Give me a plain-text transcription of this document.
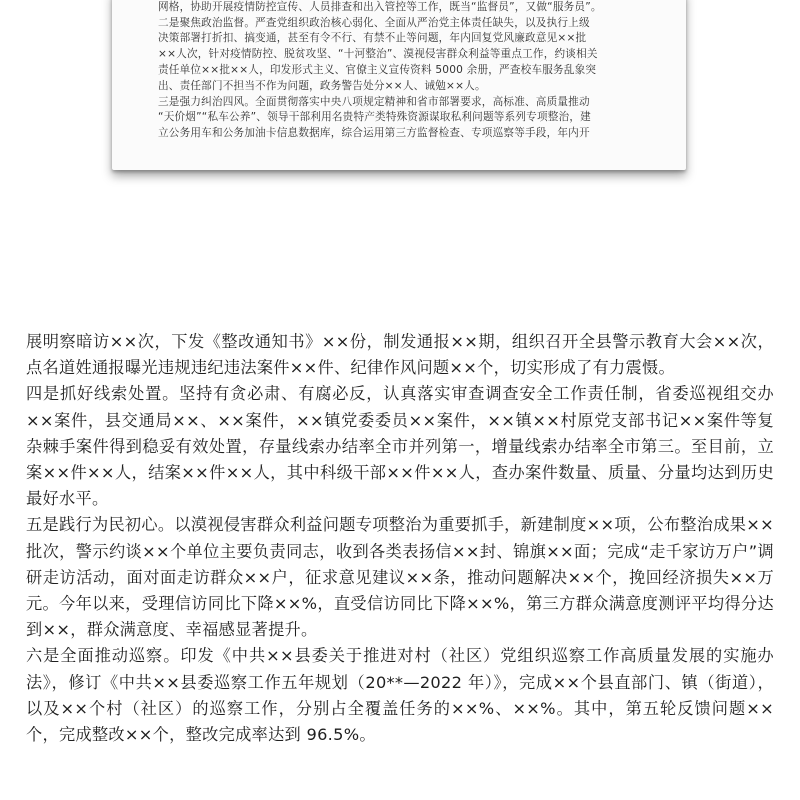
网格，协助开展疫情防控宣传、人员排查和出入管控等工作，既当“监督员”，又做“服务员”。
二是聚焦政治监督。严查党组织政治核心弱化、全面从严治党主体责任缺失，以及执行上级
决策部署打折扣、搞变通，甚至有令不行、有禁不止等问题，年内回复党风廉政意见××批
××人次，针对疫情防控、脱贫攻坚、“十河整治”、漠视侵害群众利益等重点工作，约谈相关
责任单位××批××人，印发形式主义、官僚主义宣传资料 5000 余册，严查校车服务乱象突
出、责任部门不担当不作为问题，政务警告处分××人、诫勉××人。
三是强力纠治四风。全面贯彻落实中央八项规定精神和省市部署要求，高标准、高质量推动
“天价烟”“私车公养”、领导干部利用名贵特产类特殊资源谋取私利问题等系列专项整治，建
立公务用车和公务加油卡信息数据库，综合运用第三方监督检查、专项巡察等手段，年内开

展明察暗访××次，下发《整改通知书》××份，制发通报××期，组织召开全县警示教育大会××次，点名道姓通报曝光违规违纪违法案件××件、纪律作风问题××个，切实形成了有力震慑。

四是抓好线索处置。坚持有贪必肃、有腐必反，认真落实审查调查安全工作责任制，省委巡视组交办××案件，县交通局××、××案件，××镇党委委员××案件，××镇××村原党支部书记××案件等复杂棘手案件得到稳妥有效处置，存量线索办结率全市并列第一，增量线索办结率全市第三。至目前，立案××件××人，结案××件××人，其中科级干部××件××人，查办案件数量、质量、分量均达到历史最好水平。

五是践行为民初心。以漠视侵害群众利益问题专项整治为重要抓手，新建制度××项，公布整治成果××批次，警示约谈××个单位主要负责同志，收到各类表扬信××封、锦旗××面；完成“走千家访万户”调研走访活动，面对面走访群众××户，征求意见建议××条，推动问题解决××个，挽回经济损失××万元。今年以来，受理信访同比下降××%，直受信访同比下降××%，第三方群众满意度测评平均得分达到××，群众满意度、幸福感显著提升。

六是全面推动巡察。印发《中共××县委关于推进对村（社区）党组织巡察工作高质量发展的实施办法》，修订《中共××县委巡察工作五年规划（20**—2022 年）》，完成××个县直部门、镇（街道），以及××个村（社区）的巡察工作，分别占全覆盖任务的××%、××%。其中，第五轮反馈问题××个，完成整改××个，整改完成率达到 96.5%。
